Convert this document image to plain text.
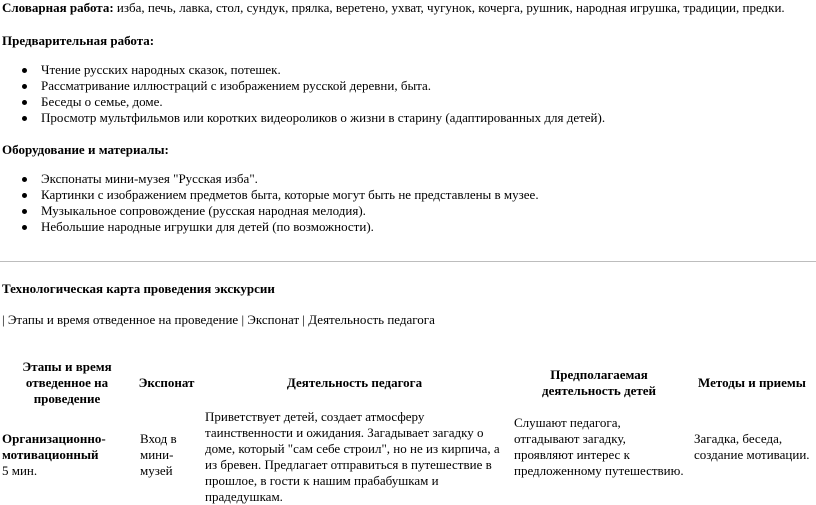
Словарная работа: изба, печь, лавка, стол, сундук, прялка, веретено, ухват, чугунок, кочерга, рушник, народная игрушка, традиции, предки.

Предварительная работа:

Чтение русских народных сказок, потешек.
Рассматривание иллюстраций с изображением русской деревни, быта.
Беседы о семье, доме.
Просмотр мультфильмов или коротких видеороликов о жизни в старину (адаптированных для детей).

Оборудование и материалы:

Экспонаты мини-музея "Русская изба".
Картинки с изображением предметов быта, которые могут быть не представлены в музее.
Музыкальное сопровождение (русская народная мелодия).
Небольшие народные игрушки для детей (по возможности).

Технологическая карта проведения экскурсии

| Этапы и время отведенное на проведение | Экспонат | Деятельность педагога

Этапы и время отведенное на проведение	Экспонат	Деятельность педагога	Предполагаемая деятельность детей	Методы и приемы

Организационно-мотивационный
5 мин.	Вход в мини-музей	Приветствует детей, создает атмосферу таинственности и ожидания. Загадывает загадку о доме, который "сам себе строил", но не из кирпича, а из бревен. Предлагает отправиться в путешествие в прошлое, в гости к нашим прабабушкам и прадедушкам.	Слушают педагога, отгадывают загадку, проявляют интерес к предложенному путешествию.	Загадка, беседа, создание мотивации.
